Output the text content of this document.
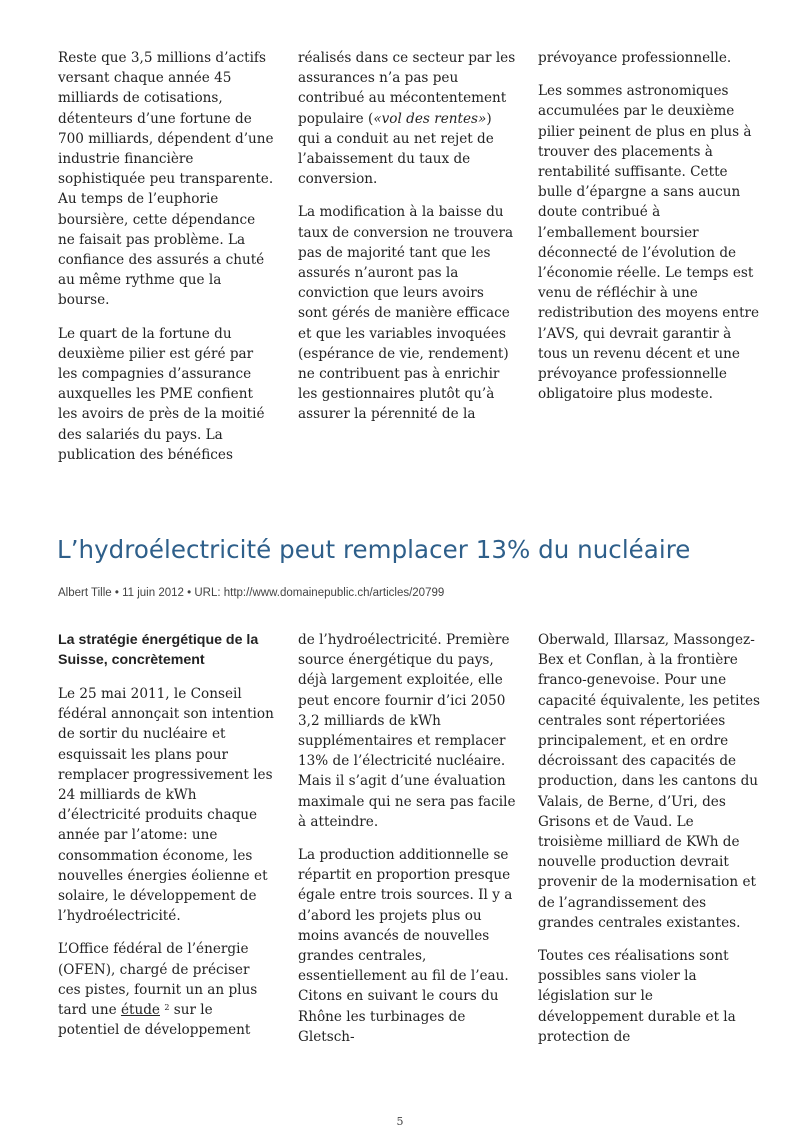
Reste que 3,5 millions d’actifs versant chaque année 45 milliards de cotisations, détenteurs d’une fortune de 700 milliards, dépendent d’une industrie financière sophistiquée peu transparente. Au temps de l’euphorie boursière, cette dépendance ne faisait pas problème. La confiance des assurés a chuté au même rythme que la bourse.

Le quart de la fortune du deuxième pilier est géré par les compagnies d’assurance auxquelles les PME confient les avoirs de près de la moitié des salariés du pays. La publication des bénéfices

réalisés dans ce secteur par les assurances n’a pas peu contribué au mécontentement populaire («vol des rentes») qui a conduit au net rejet de l’abaissement du taux de conversion.

La modification à la baisse du taux de conversion ne trouvera pas de majorité tant que les assurés n’auront pas la conviction que leurs avoirs sont gérés de manière efficace et que les variables invoquées (espérance de vie, rendement) ne contribuent pas à enrichir les gestionnaires plutôt qu’à assurer la pérennité de la

prévoyance professionnelle.

Les sommes astronomiques accumulées par le deuxième pilier peinent de plus en plus à trouver des placements à rentabilité suffisante. Cette bulle d’épargne a sans aucun doute contribué à l’emballement boursier déconnecté de l’évolution de l’économie réelle. Le temps est venu de réfléchir à une redistribution des moyens entre l’AVS, qui devrait garantir à tous un revenu décent et une prévoyance professionnelle obligatoire plus modeste.

L’hydroélectricité peut remplacer 13% du nucléaire
Albert Tille • 11 juin 2012 • URL: http://www.domainepublic.ch/articles/20799
La stratégie énergétique de la Suisse, concrètement

Le 25 mai 2011, le Conseil fédéral annonçait son intention de sortir du nucléaire et esquissait les plans pour remplacer progressivement les 24 milliards de kWh d’électricité produits chaque année par l’atome: une consommation économe, les nouvelles énergies éolienne et solaire, le développement de l’hydroélectricité.

L’Office fédéral de l’énergie (OFEN), chargé de préciser ces pistes, fournit un an plus tard une étude $^2$ sur le potentiel de développement

de l’hydroélectricité. Première source énergétique du pays, déjà largement exploitée, elle peut encore fournir d’ici 2050 3,2 milliards de kWh supplémentaires et remplacer 13% de l’électricité nucléaire. Mais il s’agit d’une évaluation maximale qui ne sera pas facile à atteindre.

La production additionnelle se répartit en proportion presque égale entre trois sources. Il y a d’abord les projets plus ou moins avancés de nouvelles grandes centrales, essentiellement au fil de l’eau. Citons en suivant le cours du Rhône les turbinages de Gletsch-

Oberwald, Illarsaz, Massongez-Bex et Conflan, à la frontière franco-genevoise. Pour une capacité équivalente, les petites centrales sont répertoriées principalement, et en ordre décroissant des capacités de production, dans les cantons du Valais, de Berne, d’Uri, des Grisons et de Vaud. Le troisième milliard de KWh de nouvelle production devrait provenir de la modernisation et de l’agrandissement des grandes centrales existantes.

Toutes ces réalisations sont possibles sans violer la législation sur le développement durable et la protection de

5
